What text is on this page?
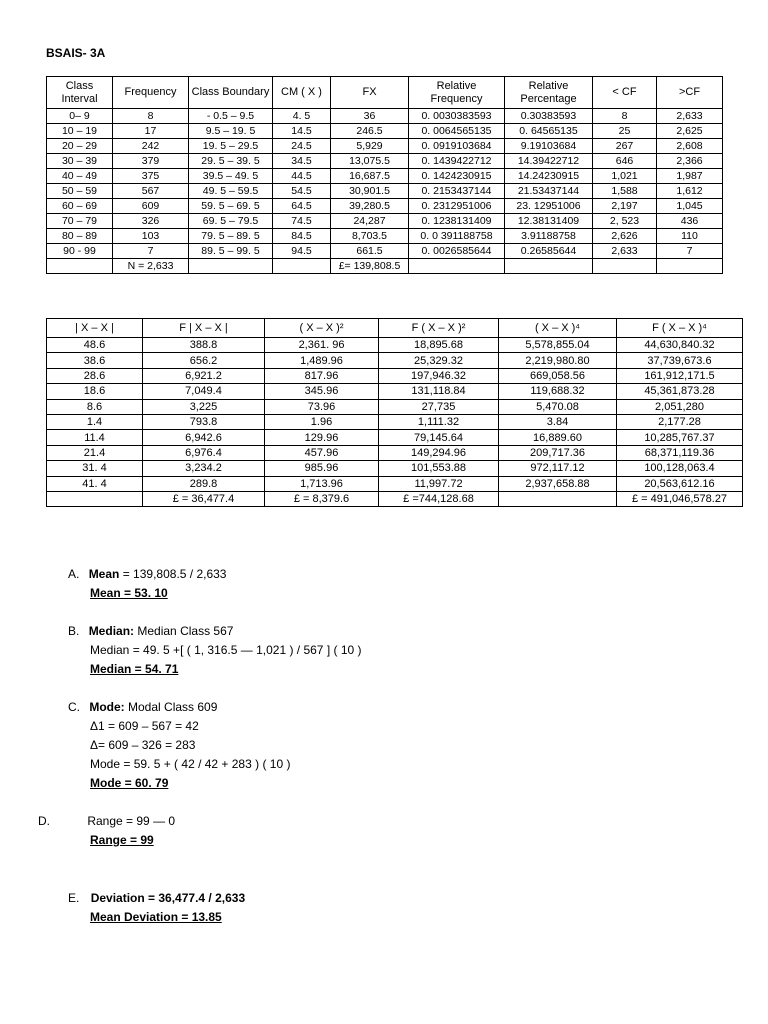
BSAIS- 3A
Class Interval	Frequency	Class Boundary	CM ( X )	FX	Relative Frequency	Relative Percentage	< CF	>CF
0– 9	8	- 0.5 – 9.5	4. 5	36	0. 0030383593	0.30383593	8	2,633
10 – 19	17	9.5 – 19. 5	14.5	246.5	0. 0064565135	0. 64565135	25	2,625
20 – 29	242	19. 5 – 29.5	24.5	5,929	0. 0919103684	9.19103684	267	2,608
30 – 39	379	29. 5 – 39. 5	34.5	13,075.5	0. 1439422712	14.39422712	646	2,366
40 – 49	375	39.5 – 49. 5	44.5	16,687.5	0. 1424230915	14.24230915	1,021	1,987
50 – 59	567	49. 5 – 59.5	54.5	30,901.5	0. 2153437144	21.53437144	1,588	1,612
60 – 69	609	59. 5 – 69. 5	64.5	39,280.5	0. 2312951006	23. 12951006	2,197	1,045
70 – 79	326	69. 5 – 79.5	74.5	24,287	0. 1238131409	12.38131409	2, 523	436
80 – 89	103	79. 5 – 89. 5	84.5	8,703.5	0. 0 391188758	3.91188758	2,626	110
90 - 99	7	89. 5 – 99. 5	94.5	661.5	0. 0026585644	0.26585644	2,633	7
	N = 2,633			£= 139,808.5				
| X – X |	F | X – X |	( X – X )²	F ( X – X )²	( X – X )⁴	F ( X – X )⁴
48.6	388.8	2,361. 96	18,895.68	5,578,855.04	44,630,840.32
38.6	656.2	1,489.96	25,329.32	2,219,980.80	37,739,673.6
28.6	6,921.2	817.96	197,946.32	669,058.56	161,912,171.5
18.6	7,049.4	345.96	131,118.84	119,688.32	45,361,873.28
8.6	3,225	73.96	27,735	5,470.08	2,051,280
1.4	793.8	1.96	1,111.32	3.84	2,177.28
11.4	6,942.6	129.96	79,145.64	16,889.60	10,285,767.37
21.4	6,976.4	457.96	149,294.96	209,717.36	68,371,119.36
31. 4	3,234.2	985.96	101,553.88	972,117.12	100,128,063.4
41. 4	289.8	1,713.96	11,997.72	2,937,658.88	20,563,612.16
	£ = 36,477.4	£ = 8,379.6	£ =744,128.68		£ = 491,046,578.27
A. Mean = 139,808.5 / 2,633
Mean = 53. 10
B. Median: Median Class 567
Median = 49. 5 +[ ( 1, 316.5 — 1,021 ) / 567 ] ( 10 )
Median = 54. 71
C. Mode: Modal Class 609
Δ1 = 609 – 567 = 42
Δ= 609 – 326 = 283
Mode = 59. 5 + ( 42 / 42 + 283 ) ( 10 )
Mode = 60. 79
D.	Range = 99 — 0
Range = 99
E. Deviation = 36,477.4 / 2,633
Mean Deviation = 13.85
